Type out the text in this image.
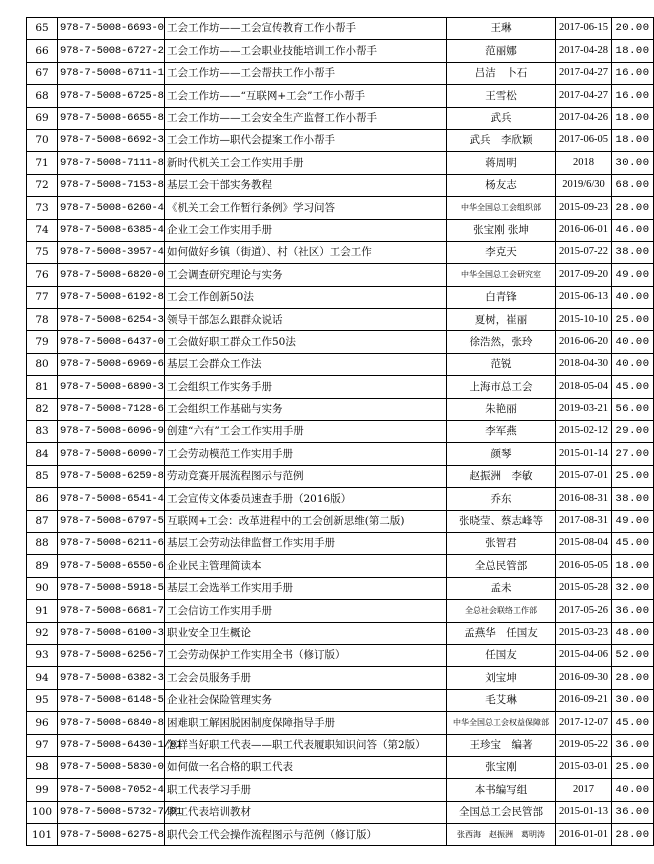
65	978-7-5008-6693-0	工会工作坊——工会宣传教育工作小帮手	王琳	2017-06-15	20.00
66	978-7-5008-6727-2	工会工作坊——工会职业技能培训工作小帮手	范丽娜	2017-04-28	18.00
67	978-7-5008-6711-1	工会工作坊——工会帮扶工作小帮手	吕洁　卜石	2017-04-27	16.00
68	978-7-5008-6725-8	工会工作坊——“互联网+工会”工作小帮手	王雪松	2017-04-27	16.00
69	978-7-5008-6655-8	工会工作坊——工会安全生产监督工作小帮手	武兵	2017-04-26	18.00
70	978-7-5008-6692-3	工会工作坊—职代会提案工作小帮手	武兵　李欣颖	2017-06-05	18.00
71	978-7-5008-7111-8	新时代机关工会工作实用手册	蒋周明	2018	30.00
72	978-7-5008-7153-8	基层工会干部实务教程	杨友志	2019/6/30	68.00
73	978-7-5008-6260-4	《机关工会工作暂行条例》学习问答	中华全国总工会组织部	2015-09-23	28.00
74	978-7-5008-6385-4	企业工会工作实用手册	张宝刚 张坤	2016-06-01	46.00
75	978-7-5008-3957-4	如何做好乡镇（街道）、村（社区）工会工作	李克天	2015-07-22	38.00
76	978-7-5008-6820-0	工会调查研究理论与实务	中华全国总工会研究室	2017-09-20	49.00
77	978-7-5008-6192-8	工会工作创新50法	白青锋	2015-06-13	40.00
78	978-7-5008-6254-3	领导干部怎么跟群众说话	夏树，崔丽	2015-10-10	25.00
79	978-7-5008-6437-0	工会做好职工群众工作50法	徐浩然，张玲	2016-06-20	40.00
80	978-7-5008-6969-6	基层工会群众工作法	范锐	2018-04-30	40.00
81	978-7-5008-6890-3	工会组织工作实务手册	上海市总工会	2018-05-04	45.00
82	978-7-5008-7128-6	工会组织工作基础与实务	朱艳丽	2019-03-21	56.00
83	978-7-5008-6096-9	创建“六有”工会工作实用手册	李军燕	2015-02-12	29.00
84	978-7-5008-6090-7	工会劳动模范工作实用手册	颜琴	2015-01-14	27.00
85	978-7-5008-6259-8	劳动竞赛开展流程图示与范例	赵振洲　李敏	2015-07-01	25.00
86	978-7-5008-6541-4	工会宣传文体委员速查手册（2016版）	乔东	2016-08-31	38.00
87	978-7-5008-6797-5	互联网+工会：改革进程中的工会创新思维(第二版)	张晓莹、蔡志峰等	2017-08-31	49.00
88	978-7-5008-6211-6	基层工会劳动法律监督工作实用手册	张智君	2015-08-04	45.00
89	978-7-5008-6550-6	企业民主管理简读本	全总民管部	2016-05-05	18.00
90	978-7-5008-5918-5	基层工会选举工作实用手册	孟未	2015-05-28	32.00
91	978-7-5008-6681-7	工会信访工作实用手册	全总社会联络工作部	2017-05-26	36.00
92	978-7-5008-6100-3	职业安全卫生概论	孟燕华　任国友	2015-03-23	48.00
93	978-7-5008-6256-7	工会劳动保护工作实用全书（修订版）	任国友	2015-04-06	52.00
94	978-7-5008-6382-3	工会会员服务手册	刘宝坤	2016-09-30	28.00
95	978-7-5008-6148-5	企业社会保险管理实务	毛艾琳	2016-09-21	30.00
96	978-7-5008-6840-8	困难职工解困脱困制度保障指导手册	中华全国总工会权益保障部	2017-12-07	45.00
97	978-7-5008-6430-1/01	怎样当好职工代表——职工代表履职知识问答（第2版）	王珍宝　编著	2019-05-22	36.00
98	978-7-5008-5830-0	如何做一名合格的职工代表	张宝刚	2015-03-01	25.00
99	978-7-5008-7052-4	职工代表学习手册	本书编写组	2017	40.00
100	978-7-5008-5732-7/01	职工代表培训教材	全国总工会民管部	2015-01-13	36.00
101	978-7-5008-6275-8	职代会工代会操作流程图示与范例（修订版）	张西海　赵振洲　葛明涛	2016-01-01	28.00
